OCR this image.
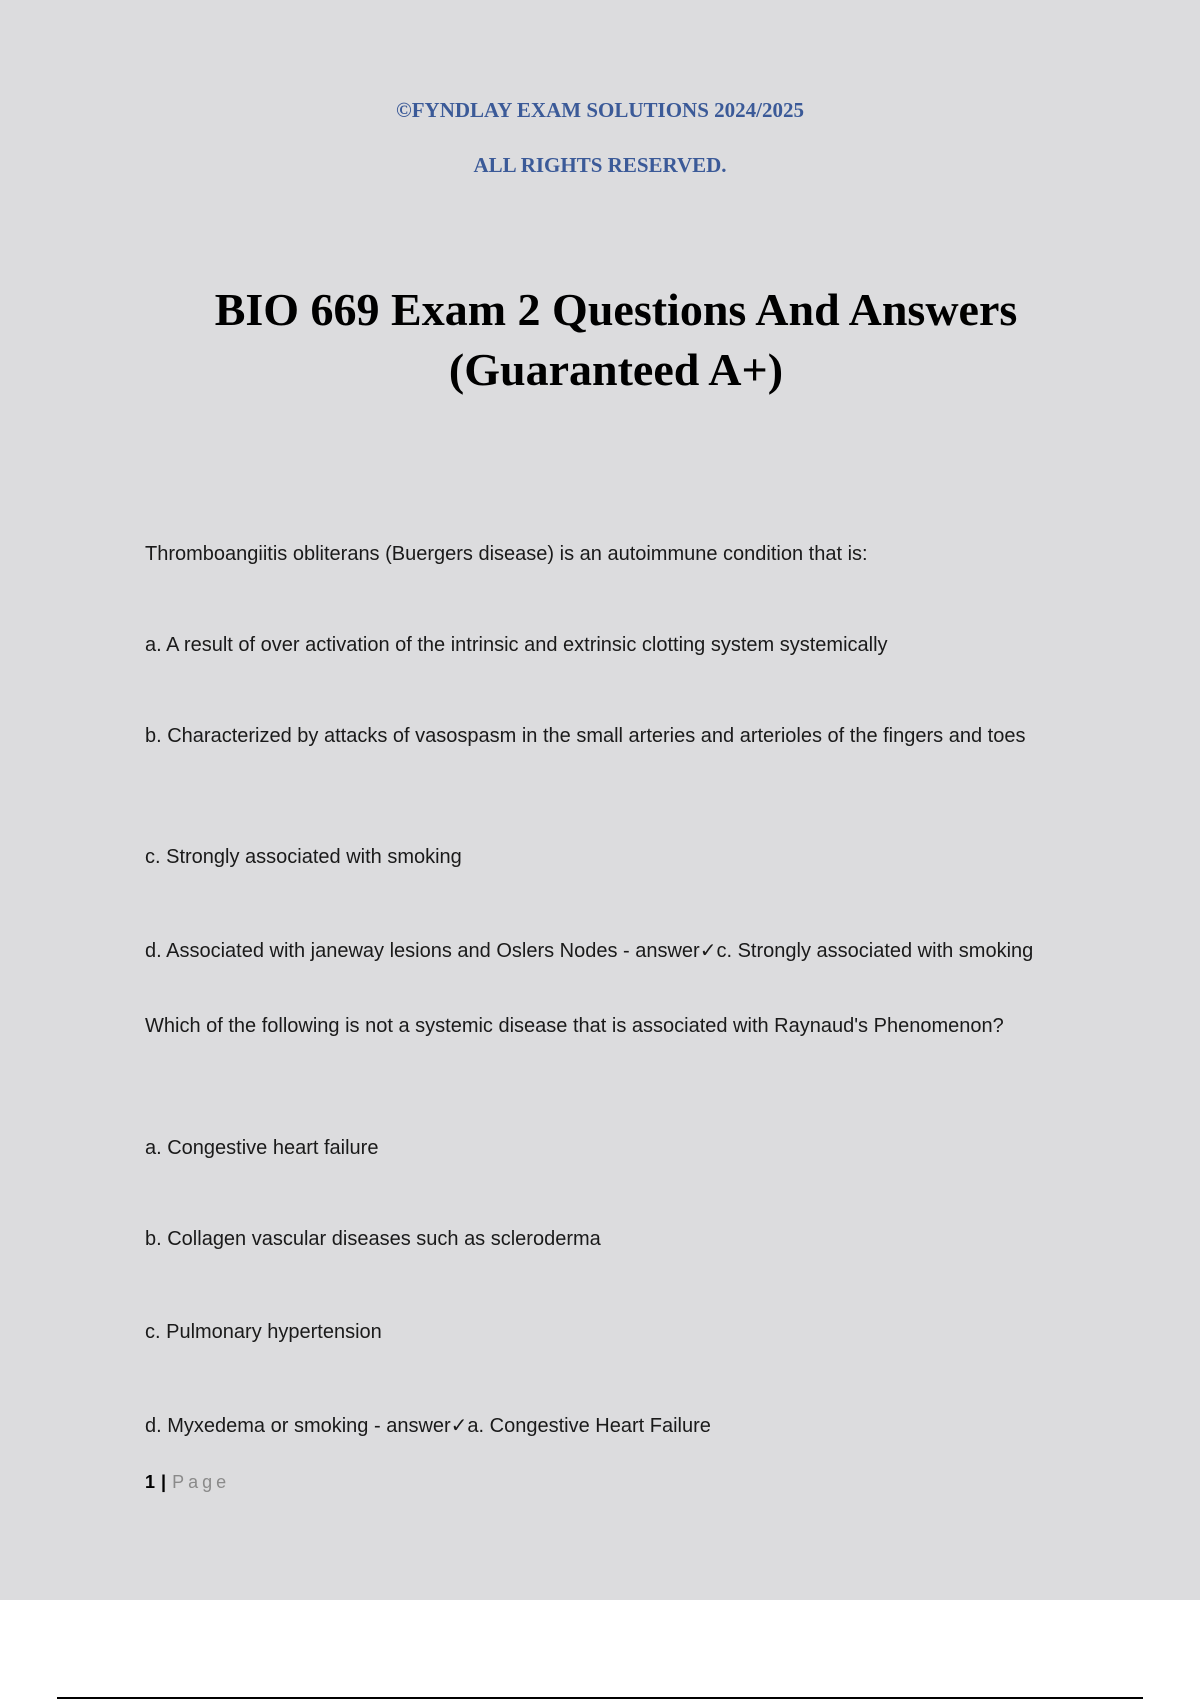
©FYNDLAY EXAM SOLUTIONS 2024/2025
ALL RIGHTS RESERVED.
BIO 669 Exam 2 Questions And Answers
(Guaranteed A+)
Thromboangiitis obliterans (Buergers disease) is an autoimmune condition that is:
a. A result of over activation of the intrinsic and extrinsic clotting system systemically
b. Characterized by attacks of vasospasm in the small arteries and arterioles of the fingers and toes
c. Strongly associated with smoking
d. Associated with janeway lesions and Oslers Nodes - answer✓c. Strongly associated with smoking
Which of the following is not a systemic disease that is associated with Raynaud's Phenomenon?
a. Congestive heart failure
b. Collagen vascular diseases such as scleroderma
c. Pulmonary hypertension
d. Myxedema or smoking - answer✓a. Congestive Heart Failure
1 | Page
